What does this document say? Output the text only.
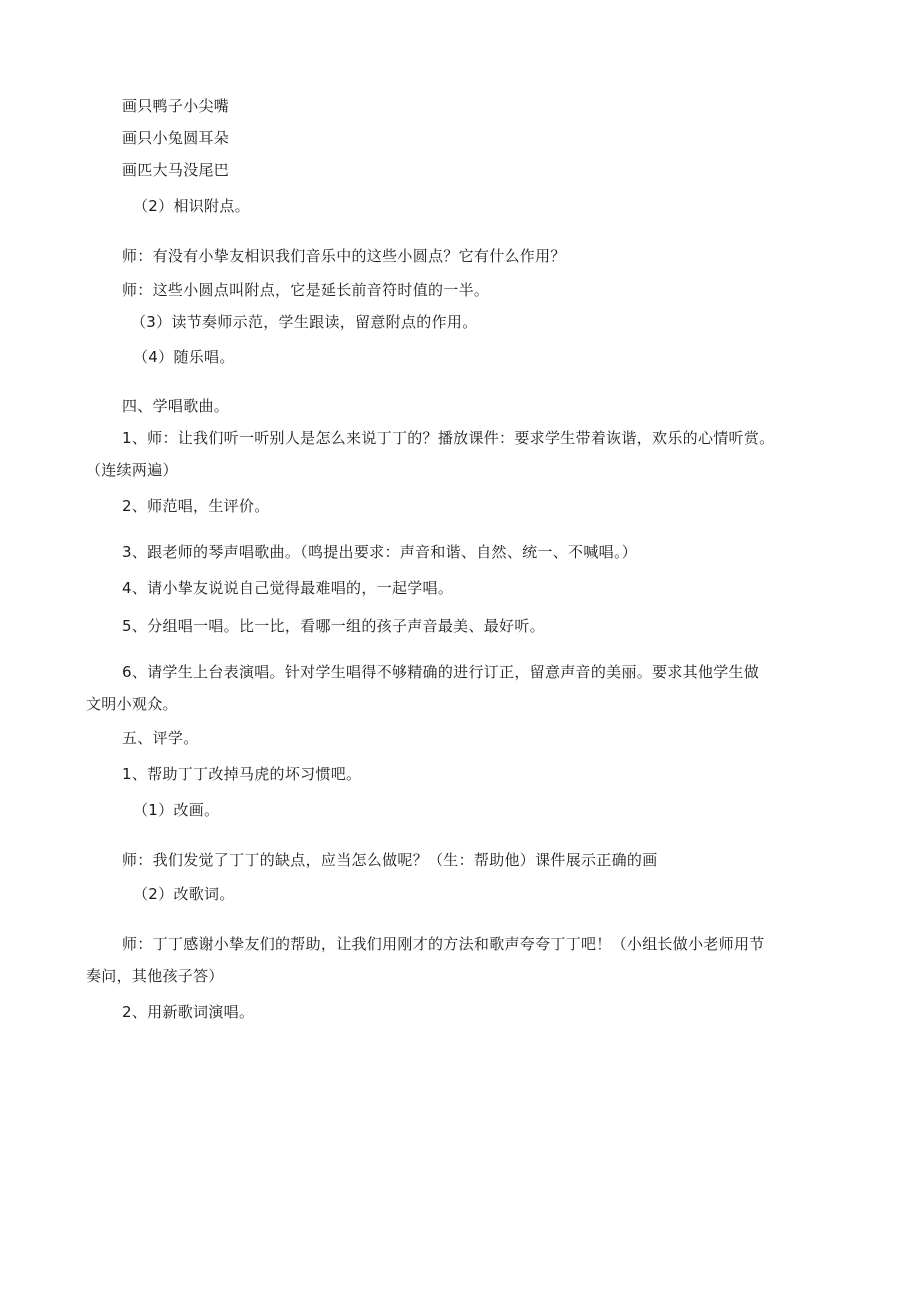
画只鸭子小尖嘴

画只小兔圆耳朵

画匹大马没尾巴

（2）相识附点。

师：有没有小挚友相识我们音乐中的这些小圆点？它有什么作用？

师：这些小圆点叫附点，它是延长前音符时值的一半。

（3）读节奏师示范，学生跟读，留意附点的作用。

（4）随乐唱。

四、学唱歌曲。

1、师：让我们听一听别人是怎么来说丁丁的？播放课件：要求学生带着诙谐，欢乐的心情听赏。

（连续两遍）

2、师范唱，生评价。

3、跟老师的琴声唱歌曲。（鸣提出要求：声音和谐、自然、统一、不喊唱。）

4、请小挚友说说自己觉得最难唱的，一起学唱。

5、分组唱一唱。比一比，看哪一组的孩子声音最美、最好听。

6、请学生上台表演唱。针对学生唱得不够精确的进行订正，留意声音的美丽。要求其他学生做

文明小观众。

五、评学。

1、帮助丁丁改掉马虎的坏习惯吧。

（1）改画。

师：我们发觉了丁丁的缺点，应当怎么做呢？（生：帮助他）课件展示正确的画

（2）改歌词。

师：丁丁感谢小挚友们的帮助，让我们用刚才的方法和歌声夸夸丁丁吧！（小组长做小老师用节

奏问，其他孩子答）

2、用新歌词演唱。
